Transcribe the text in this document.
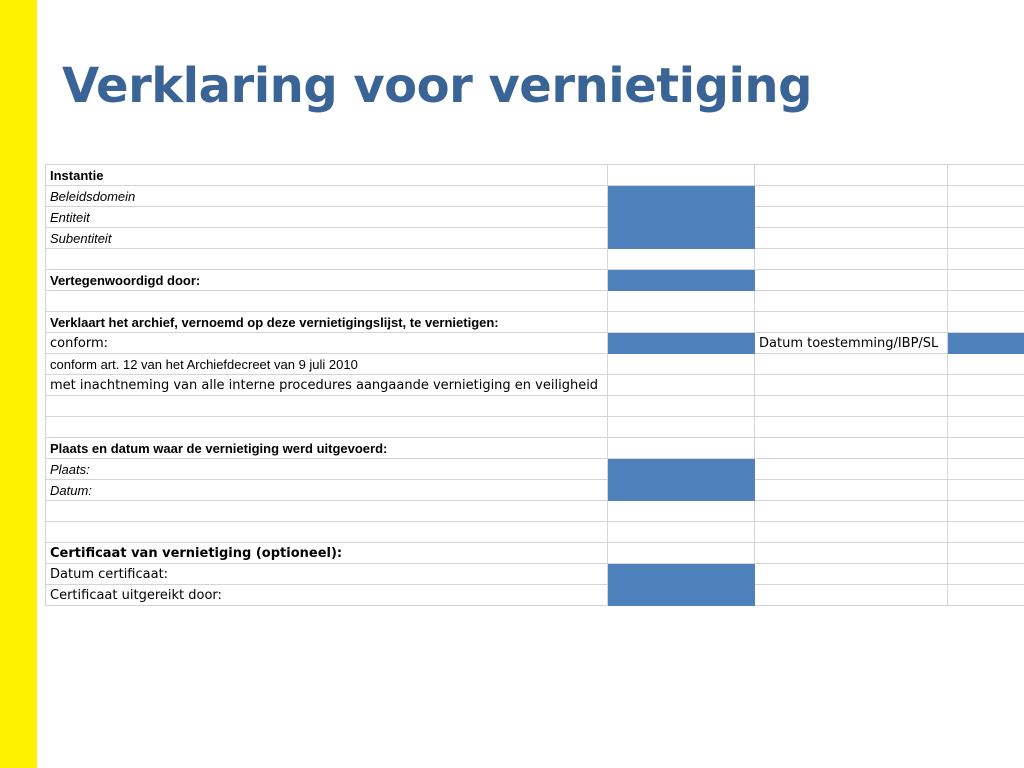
Verklaring voor vernietiging
Instantie			
Beleidsdomein			
Entiteit			
Subentiteit			

Vertegenwoordigd door:			

Verklaart het archief, vernoemd op deze vernietigingslijst, te vernietigen:			
conform:		Datum toestemming/IBP/SL	
conform art. 12 van het Archiefdecreet van 9 juli 2010			
met inachtneming van alle interne procedures aangaande vernietiging en veiligheid			

Plaats en datum waar de vernietiging werd uitgevoerd:			
Plaats:			
Datum:			

Certificaat van vernietiging (optioneel):			
Datum certificaat:			
Certificaat uitgereikt door:			
